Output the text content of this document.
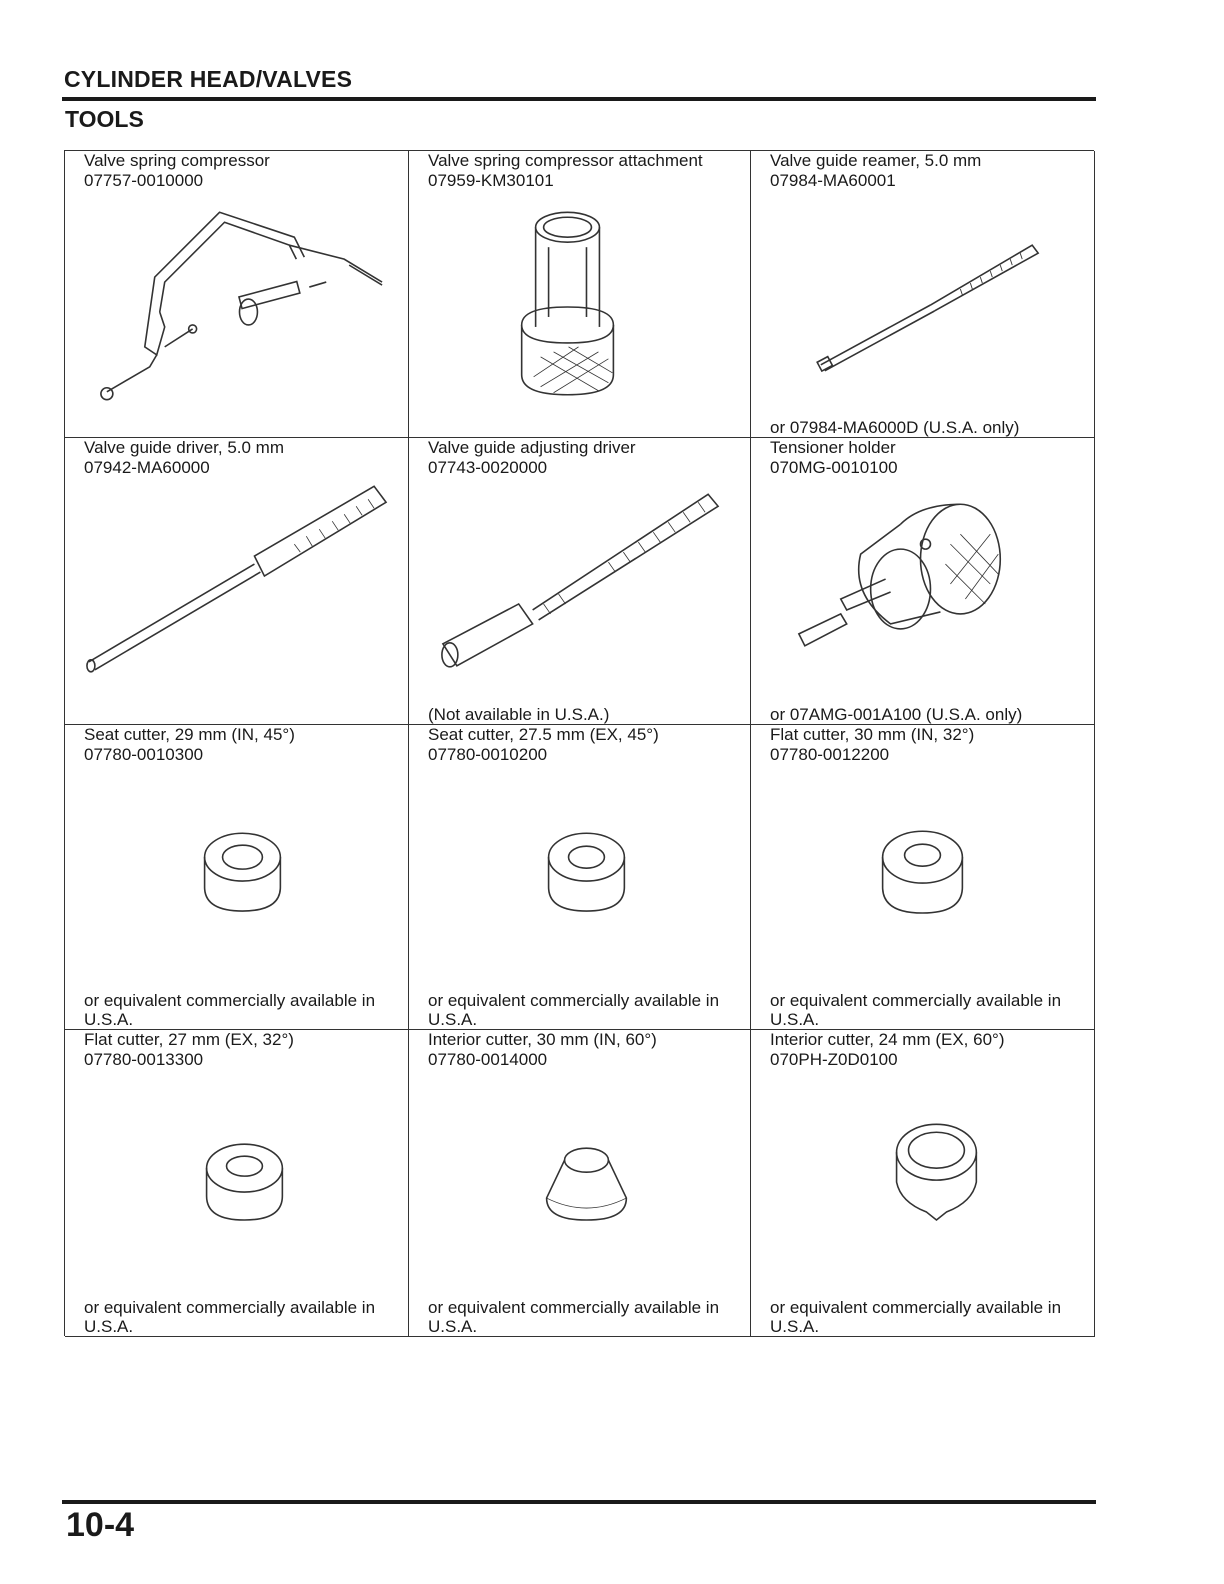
CYLINDER HEAD/VALVES
TOOLS
Valve spring compressor
07757-0010000
Valve spring compressor attachment
07959-KM30101
Valve guide reamer, 5.0 mm
07984-MA60001
or 07984-MA6000D (U.S.A. only)
Valve guide driver, 5.0 mm
07942-MA60000
Valve guide adjusting driver
07743-0020000
(Not available in U.S.A.)
Tensioner holder
070MG-0010100
or 07AMG-001A100 (U.S.A. only)
Seat cutter, 29 mm (IN, 45°)
07780-0010300
or equivalent commercially available in U.S.A.
Seat cutter, 27.5 mm (EX, 45°)
07780-0010200
or equivalent commercially available in U.S.A.
Flat cutter, 30 mm (IN, 32°)
07780-0012200
or equivalent commercially available in U.S.A.
Flat cutter, 27 mm (EX, 32°)
07780-0013300
or equivalent commercially available in U.S.A.
Interior cutter, 30 mm (IN, 60°)
07780-0014000
or equivalent commercially available in U.S.A.
Interior cutter, 24 mm (EX, 60°)
070PH-Z0D0100
or equivalent commercially available in U.S.A.
10-4
